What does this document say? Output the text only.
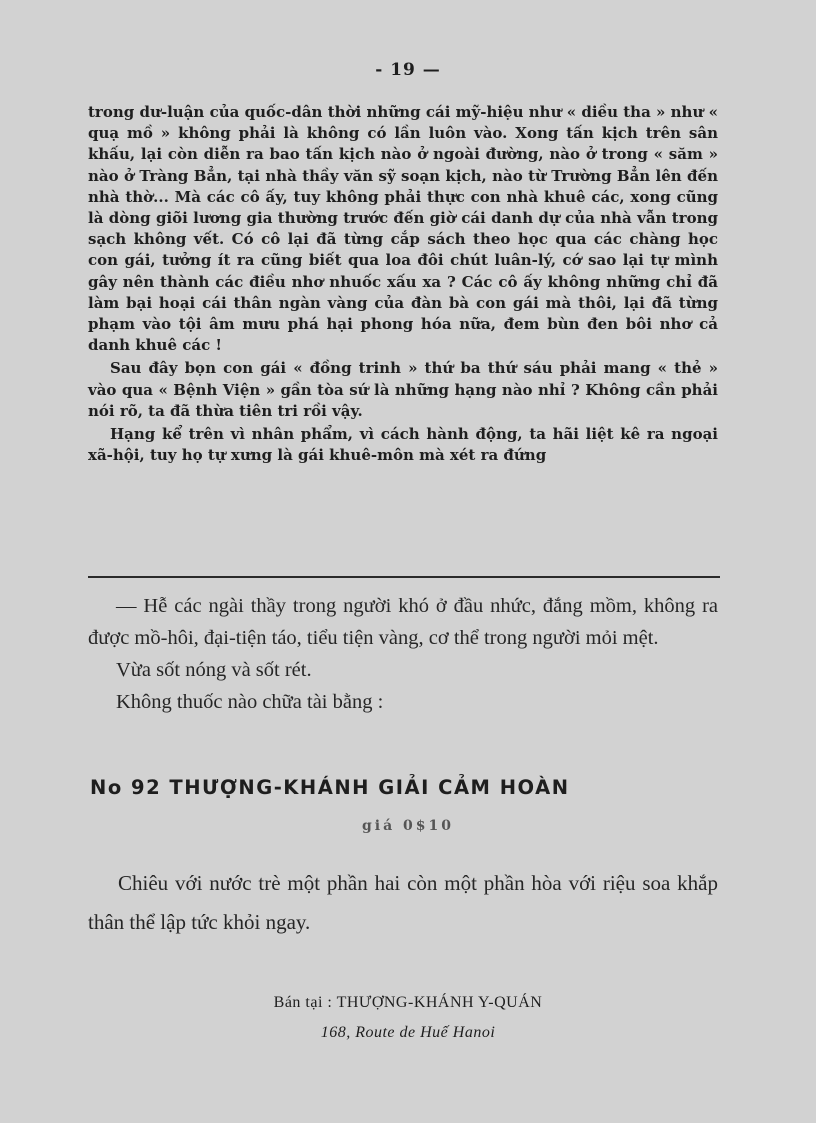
- 19 —

trong dư-luận của quốc-dân thời những cái mỹ-hiệu như « diều tha » như « quạ mồ » không phải là không có lần luôn vào. Xong tấn kịch trên sân khấu, lại còn diễn ra bao tấn kịch nào ở ngoài đường, nào ở trong « săm » nào ở Tràng Bẳn, tại nhà thầy văn sỹ soạn kịch, nào từ Trường Bẳn lên đến nhà thờ... Mà các cô ấy, tuy không phải thực con nhà khuê các, xong cũng là dòng giõi lương gia thường trước đến giờ cái danh dự của nhà vẫn trong sạch không vết. Có cô lại đã từng cắp sách theo học qua các chàng học con gái, tưởng ít ra cũng biết qua loa đôi chút luân-lý, cớ sao lại tự mình gây nên thành các điều nhơ nhuốc xấu xa ? Các cô ấy không những chỉ đã làm bại hoại cái thân ngàn vàng của đàn bà con gái mà thôi, lại đã từng phạm vào tội âm mưu phá hại phong hóa nữa, đem bùn đen bôi nhơ cả danh khuê các !

Sau đây bọn con gái « đồng trinh » thứ ba thứ sáu phải mang « thẻ » vào qua « Bệnh Viện » gần tòa sứ là những hạng nào nhỉ ? Không cần phải nói rõ, ta đã thừa tiên tri rồi vậy.

Hạng kể trên vì nhân phẩm, vì cách hành động, ta hãi liệt kê ra ngoại xã-hội, tuy họ tự xưng là gái khuê-môn mà xét ra đứng

— Hễ các ngài thầy trong người khó ở đầu nhức, đắng mồm, không ra được mồ-hôi, đại-tiện táo, tiểu tiện vàng, cơ thể trong người mỏi mệt.

Vừa sốt nóng và sốt rét.

Không thuốc nào chữa tài bằng :

No 92 THƯỢNG-KHÁNH GIẢI CẢM HOÀN
giá 0$10

Chiêu với nước trè một phần hai còn một phần hòa với riệu soa khắp thân thể lập tức khỏi ngay.

Bán tại : THƯỢNG-KHÁNH Y-QUÁN
168, Route de Huế Hanoi
